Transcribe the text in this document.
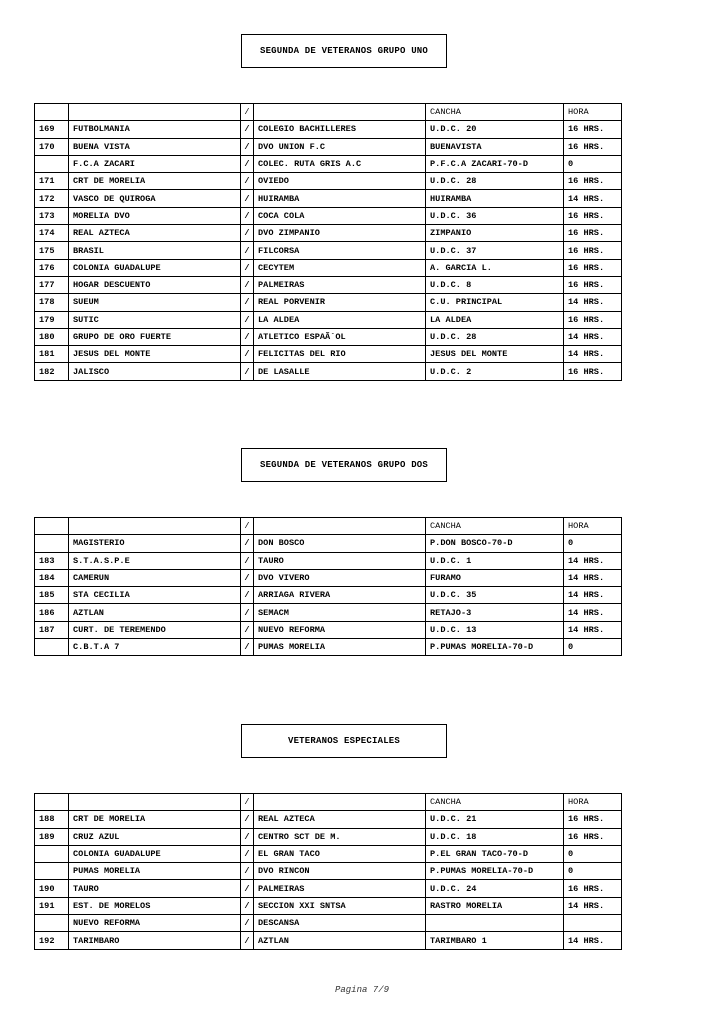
SEGUNDA DE VETERANOS GRUPO UNO
		/		CANCHA	HORA
169	FUTBOLMANIA	/	COLEGIO BACHILLERES	U.D.C. 20	16 HRS.
170	BUENA VISTA	/	DVO UNION F.C	BUENAVISTA	16 HRS.
	F.C.A ZACARI	/	COLEC. RUTA GRIS A.C	P.F.C.A ZACARI-70-D	0
171	CRT DE MORELIA	/	OVIEDO	U.D.C. 28	16 HRS.
172	VASCO DE QUIROGA	/	HUIRAMBA	HUIRAMBA	14 HRS.
173	MORELIA DVO	/	COCA COLA	U.D.C. 36	16 HRS.
174	REAL AZTECA	/	DVO ZIMPANIO	ZIMPANIO	16 HRS.
175	BRASIL	/	FILCORSA	U.D.C. 37	16 HRS.
176	COLONIA GUADALUPE	/	CECYTEM	A. GARCIA L.	16 HRS.
177	HOGAR DESCUENTO	/	PALMEIRAS	U.D.C. 8	16 HRS.
178	SUEUM	/	REAL PORVENIR	C.U. PRINCIPAL	14 HRS.
179	SUTIC	/	LA ALDEA	LA ALDEA	16 HRS.
180	GRUPO DE ORO FUERTE	/	ATLETICO ESPAÃ`OL	U.D.C. 28	14 HRS.
181	JESUS DEL MONTE	/	FELICITAS DEL RIO	JESUS DEL MONTE	14 HRS.
182	JALISCO	/	DE LASALLE	U.D.C. 2	16 HRS.
SEGUNDA DE VETERANOS GRUPO DOS
		/		CANCHA	HORA
	MAGISTERIO	/	DON BOSCO	P.DON BOSCO-70-D	0
183	S.T.A.S.P.E	/	TAURO	U.D.C. 1	14 HRS.
184	CAMERUN	/	DVO VIVERO	FURAMO	14 HRS.
185	STA CECILIA	/	ARRIAGA RIVERA	U.D.C. 35	14 HRS.
186	AZTLAN	/	SEMACM	RETAJO-3	14 HRS.
187	CURT. DE TEREMENDO	/	NUEVO REFORMA	U.D.C. 13	14 HRS.
	C.B.T.A 7	/	PUMAS MORELIA	P.PUMAS MORELIA-70-D	0
VETERANOS ESPECIALES
		/		CANCHA	HORA
188	CRT DE MORELIA	/	REAL AZTECA	U.D.C. 21	16 HRS.
189	CRUZ AZUL	/	CENTRO SCT DE M.	U.D.C. 18	16 HRS.
	COLONIA GUADALUPE	/	EL GRAN TACO	P.EL GRAN TACO-70-D	0
	PUMAS MORELIA	/	DVO RINCON	P.PUMAS MORELIA-70-D	0
190	TAURO	/	PALMEIRAS	U.D.C. 24	16 HRS.
191	EST. DE MORELOS	/	SECCION XXI SNTSA	RASTRO MORELIA	14 HRS.
	NUEVO REFORMA	/	DESCANSA		
192	TARIMBARO	/	AZTLAN	TARIMBARO 1	14 HRS.
Pagina 7/9
